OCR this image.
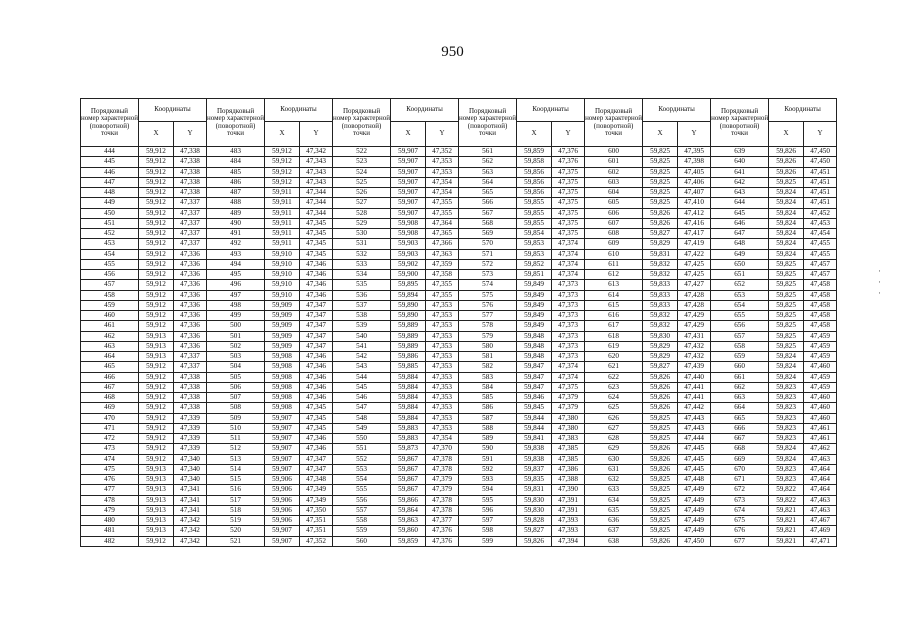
950
·
·
·
Порядковый номер характерной (поворотной) точки	Координаты		Порядковый номер характерной (поворотной) точки	Координаты		Порядковый номер характерной (поворотной) точки	Координаты		Порядковый номер характерной (поворотной) точки	Координаты		Порядковый номер характерной (поворотной) точки	Координаты		Порядковый номер характерной (поворотной) точки	Координаты	
	X	Y		X	Y		X	Y		X	Y		X	Y		X	Y
444	59,912	47,338	483	59,912	47,342	522	59,907	47,352	561	59,859	47,376	600	59,825	47,395	639	59,826	47,450
445	59,912	47,338	484	59,912	47,343	523	59,907	47,353	562	59,858	47,376	601	59,825	47,398	640	59,826	47,450
446	59,912	47,338	485	59,912	47,343	524	59,907	47,353	563	59,856	47,375	602	59,825	47,405	641	59,826	47,451
447	59,912	47,338	486	59,912	47,343	525	59,907	47,354	564	59,856	47,375	603	59,825	47,406	642	59,825	47,451
448	59,912	47,338	487	59,911	47,344	526	59,907	47,354	565	59,856	47,375	604	59,825	47,407	643	59,824	47,451
449	59,912	47,337	488	59,911	47,344	527	59,907	47,355	566	59,855	47,375	605	59,825	47,410	644	59,824	47,451
450	59,912	47,337	489	59,911	47,344	528	59,907	47,355	567	59,855	47,375	606	59,826	47,412	645	59,824	47,452
451	59,912	47,337	490	59,911	47,345	529	59,908	47,364	568	59,855	47,375	607	59,826	47,416	646	59,824	47,453
452	59,912	47,337	491	59,911	47,345	530	59,908	47,365	569	59,854	47,375	608	59,827	47,417	647	59,824	47,454
453	59,912	47,337	492	59,911	47,345	531	59,903	47,366	570	59,853	47,374	609	59,829	47,419	648	59,824	47,455
454	59,912	47,336	493	59,910	47,345	532	59,903	47,363	571	59,853	47,374	610	59,831	47,422	649	59,824	47,455
455	59,912	47,336	494	59,910	47,346	533	59,902	47,359	572	59,852	47,374	611	59,832	47,425	650	59,825	47,457
456	59,912	47,336	495	59,910	47,346	534	59,900	47,358	573	59,851	47,374	612	59,832	47,425	651	59,825	47,457
457	59,912	47,336	496	59,910	47,346	535	59,895	47,355	574	59,849	47,373	613	59,833	47,427	652	59,825	47,458
458	59,912	47,336	497	59,910	47,346	536	59,894	47,355	575	59,849	47,373	614	59,833	47,428	653	59,825	47,458
459	59,912	47,336	498	59,909	47,347	537	59,890	47,353	576	59,849	47,373	615	59,833	47,428	654	59,825	47,458
460	59,912	47,336	499	59,909	47,347	538	59,890	47,353	577	59,849	47,373	616	59,832	47,429	655	59,825	47,458
461	59,912	47,336	500	59,909	47,347	539	59,889	47,353	578	59,849	47,373	617	59,832	47,429	656	59,825	47,458
462	59,913	47,336	501	59,909	47,347	540	59,889	47,353	579	59,848	47,373	618	59,830	47,431	657	59,825	47,459
463	59,913	47,336	502	59,909	47,347	541	59,889	47,353	580	59,848	47,373	619	59,829	47,432	658	59,825	47,459
464	59,913	47,337	503	59,908	47,346	542	59,886	47,353	581	59,848	47,373	620	59,829	47,432	659	59,824	47,459
465	59,912	47,337	504	59,908	47,346	543	59,885	47,353	582	59,847	47,374	621	59,827	47,439	660	59,824	47,460
466	59,912	47,338	505	59,908	47,346	544	59,884	47,353	583	59,847	47,374	622	59,826	47,440	661	59,824	47,459
467	59,912	47,338	506	59,908	47,346	545	59,884	47,353	584	59,847	47,375	623	59,826	47,441	662	59,823	47,459
468	59,912	47,338	507	59,908	47,346	546	59,884	47,353	585	59,846	47,379	624	59,826	47,441	663	59,823	47,460
469	59,912	47,338	508	59,908	47,345	547	59,884	47,353	586	59,845	47,379	625	59,826	47,442	664	59,823	47,460
470	59,912	47,339	509	59,907	47,345	548	59,884	47,353	587	59,844	47,380	626	59,825	47,443	665	59,823	47,460
471	59,912	47,339	510	59,907	47,345	549	59,883	47,353	588	59,844	47,380	627	59,825	47,443	666	59,823	47,461
472	59,912	47,339	511	59,907	47,346	550	59,883	47,354	589	59,841	47,383	628	59,825	47,444	667	59,823	47,461
473	59,912	47,339	512	59,907	47,346	551	59,873	47,370	590	59,838	47,385	629	59,826	47,445	668	59,824	47,462
474	59,912	47,340	513	59,907	47,347	552	59,867	47,378	591	59,838	47,385	630	59,826	47,445	669	59,824	47,463
475	59,913	47,340	514	59,907	47,347	553	59,867	47,378	592	59,837	47,386	631	59,826	47,445	670	59,823	47,464
476	59,913	47,340	515	59,906	47,348	554	59,867	47,379	593	59,835	47,388	632	59,825	47,448	671	59,823	47,464
477	59,913	47,341	516	59,906	47,349	555	59,867	47,379	594	59,831	47,390	633	59,825	47,449	672	59,822	47,464
478	59,913	47,341	517	59,906	47,349	556	59,866	47,378	595	59,830	47,391	634	59,825	47,449	673	59,822	47,463
479	59,913	47,341	518	59,906	47,350	557	59,864	47,378	596	59,830	47,391	635	59,825	47,449	674	59,821	47,463
480	59,913	47,342	519	59,906	47,351	558	59,863	47,377	597	59,828	47,393	636	59,825	47,449	675	59,821	47,467
481	59,913	47,342	520	59,907	47,351	559	59,860	47,376	598	59,827	47,393	637	59,825	47,449	676	59,821	47,469
482	59,912	47,342	521	59,907	47,352	560	59,859	47,376	599	59,826	47,394	638	59,826	47,450	677	59,821	47,471
